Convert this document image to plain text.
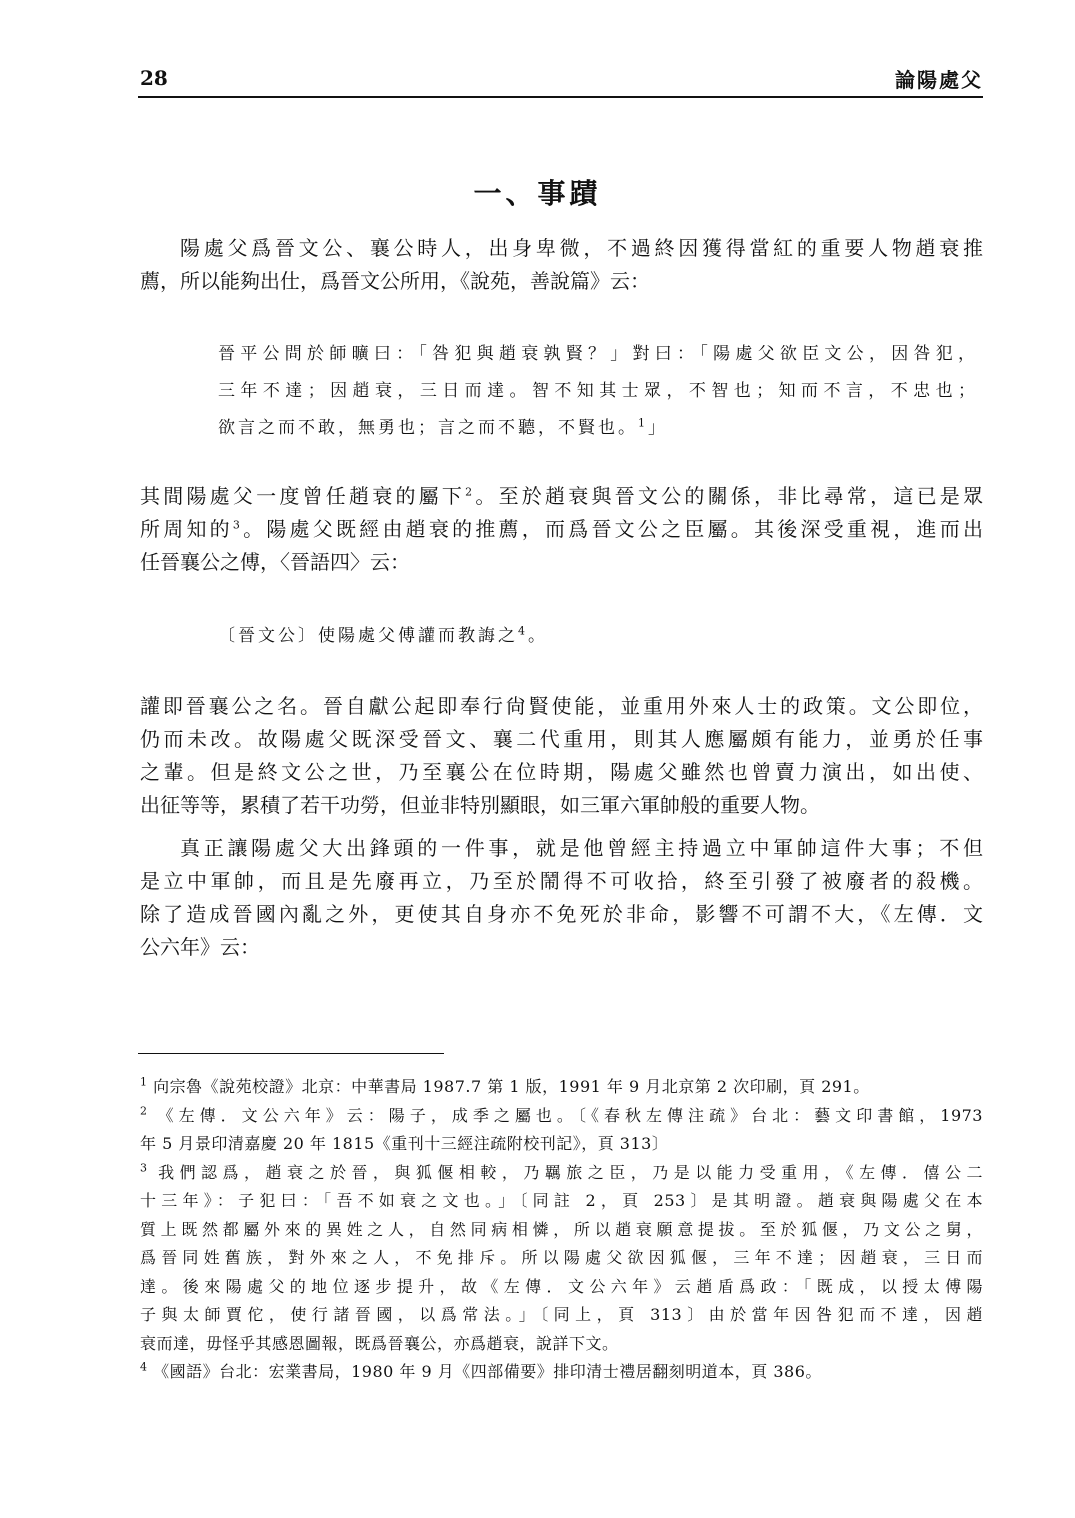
28	論陽處父
一、事蹟
陽處父爲晉文公、襄公時人，出身卑微，不過終因獲得當紅的重要人物趙衰推
薦，所以能夠出仕，爲晉文公所用，《說苑，善說篇》云：
晉平公問於師曠曰：「咎犯與趙衰孰賢？」對曰：「陽處父欲臣文公，因咎犯，
三年不達；因趙衰，三日而達。智不知其士眾，不智也；知而不言，不忠也；
欲言之而不敢，無勇也；言之而不聽，不賢也。$^1$」
其間陽處父一度曾任趙衰的屬下$^2$。至於趙衰與晉文公的關係，非比尋常，這已是眾
所周知的$^3$。陽處父既經由趙衰的推薦，而爲晉文公之臣屬。其後深受重視，進而出
任晉襄公之傅，〈晉語四〉云：
〔晉文公〕使陽處父傅讙而教誨之$^4$。
讙即晉襄公之名。晉自獻公起即奉行尙賢使能，並重用外來人士的政策。文公即位，
仍而未改。故陽處父既深受晉文、襄二代重用，則其人應屬頗有能力，並勇於任事
之輩。但是終文公之世，乃至襄公在位時期，陽處父雖然也曾賣力演出，如出使、
出征等等，累積了若干功勞，但並非特別顯眼，如三軍六軍帥般的重要人物。
真正讓陽處父大出鋒頭的一件事，就是他曾經主持過立中軍帥這件大事；不但
是立中軍帥，而且是先廢再立，乃至於鬧得不可收拾，終至引發了被廢者的殺機。
除了造成晉國內亂之外，更使其自身亦不免死於非命，影響不可謂不大，《左傳．文
公六年》云：
$^1$ 向宗魯《說苑校證》北京：中華書局 1987.7 第 1 版，1991 年 9 月北京第 2 次印刷，頁 291。
$^2$ 《左傳．文公六年》云：陽子，成季之屬也。〔《春秋左傳注疏》台北：藝文印書館，1973
年 5 月景印清嘉慶 20 年 1815《重刊十三經注疏附校刊記》，頁 313〕
$^3$ 我們認爲，趙衰之於晉，與狐偃相較，乃羈旅之臣，乃是以能力受重用，《左傳．僖公二
十三年》：子犯曰：「吾不如衰之文也。」〔同註 2，頁 253〕是其明證。趙衰與陽處父在本
質上既然都屬外來的異姓之人，自然同病相憐，所以趙衰願意提拔。至於狐偃，乃文公之舅，
爲晉同姓舊族，對外來之人，不免排斥。所以陽處父欲因狐偃，三年不達；因趙衰，三日而
達。後來陽處父的地位逐步提升，故《左傳．文公六年》云趙盾爲政：「既成，以授太傅陽
子與太師賈佗，使行諸晉國，以爲常法。」〔同上，頁 313〕由於當年因咎犯而不達，因趙
衰而達，毋怪乎其感恩圖報，既爲晉襄公，亦爲趙衰，說詳下文。
$^4$ 《國語》台北：宏業書局，1980 年 9 月《四部備要》排印清士禮居翻刻明道本，頁 386。
